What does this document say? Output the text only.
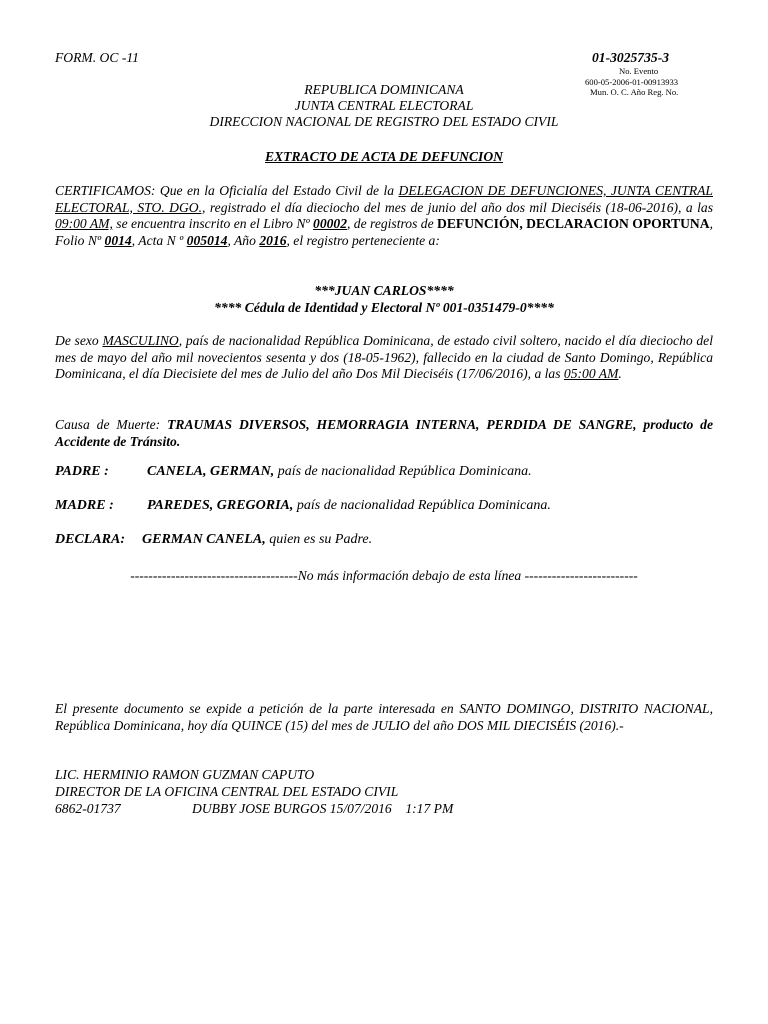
FORM. OC -11	01-3025735-3
No. Evento
600-05-2006-01-00913933
Mun. O. C. Año Reg. No.
REPUBLICA DOMINICANA
JUNTA CENTRAL ELECTORAL
DIRECCION NACIONAL DE REGISTRO DEL ESTADO CIVIL
EXTRACTO DE ACTA DE DEFUNCION
CERTIFICAMOS: Que en la Oficialía del Estado Civil de la DELEGACION DE DEFUNCIONES, JUNTA CENTRAL ELECTORAL, STO. DGO., registrado el día dieciocho del mes de junio del año dos mil Dieciséis (18-06-2016), a las 09:00 AM, se encuentra inscrito en el Libro Nº 00002, de registros de DEFUNCIÓN, DECLARACION OPORTUNA, Folio Nº 0014, Acta N º 005014, Año 2016, el registro perteneciente a:
***JUAN CARLOS****
**** Cédula de Identidad y Electoral Nº 001-0351479-0****
De sexo MASCULINO, país de nacionalidad República Dominicana, de estado civil soltero, nacido el día dieciocho del mes de mayo del año mil novecientos sesenta y dos (18-05-1962), fallecido en la ciudad de Santo Domingo, República Dominicana, el día Diecisiete del mes de Julio del año Dos Mil Dieciséis (17/06/2016), a las 05:00 AM.
Causa de Muerte: TRAUMAS DIVERSOS, HEMORRAGIA INTERNA, PERDIDA DE SANGRE, producto de Accidente de Tránsito.
PADRE :	CANELA, GERMAN, país de nacionalidad República Dominicana.
MADRE : PAREDES, GREGORIA, país de nacionalidad República Dominicana.
DECLARA: GERMAN CANELA, quien es su Padre.
-------------------------------------No más información debajo de esta línea -------------------------
El presente documento se expide a petición de la parte interesada en SANTO DOMINGO, DISTRITO NACIONAL, República Dominicana, hoy día QUINCE (15) del mes de JULIO del año DOS MIL DIECISÉIS (2016).-
LIC. HERMINIO RAMON GUZMAN CAPUTO
DIRECTOR DE LA OFICINA CENTRAL DEL ESTADO CIVIL
6862-01737	DUBBY JOSE BURGOS 15/07/2016    1:17 PM
